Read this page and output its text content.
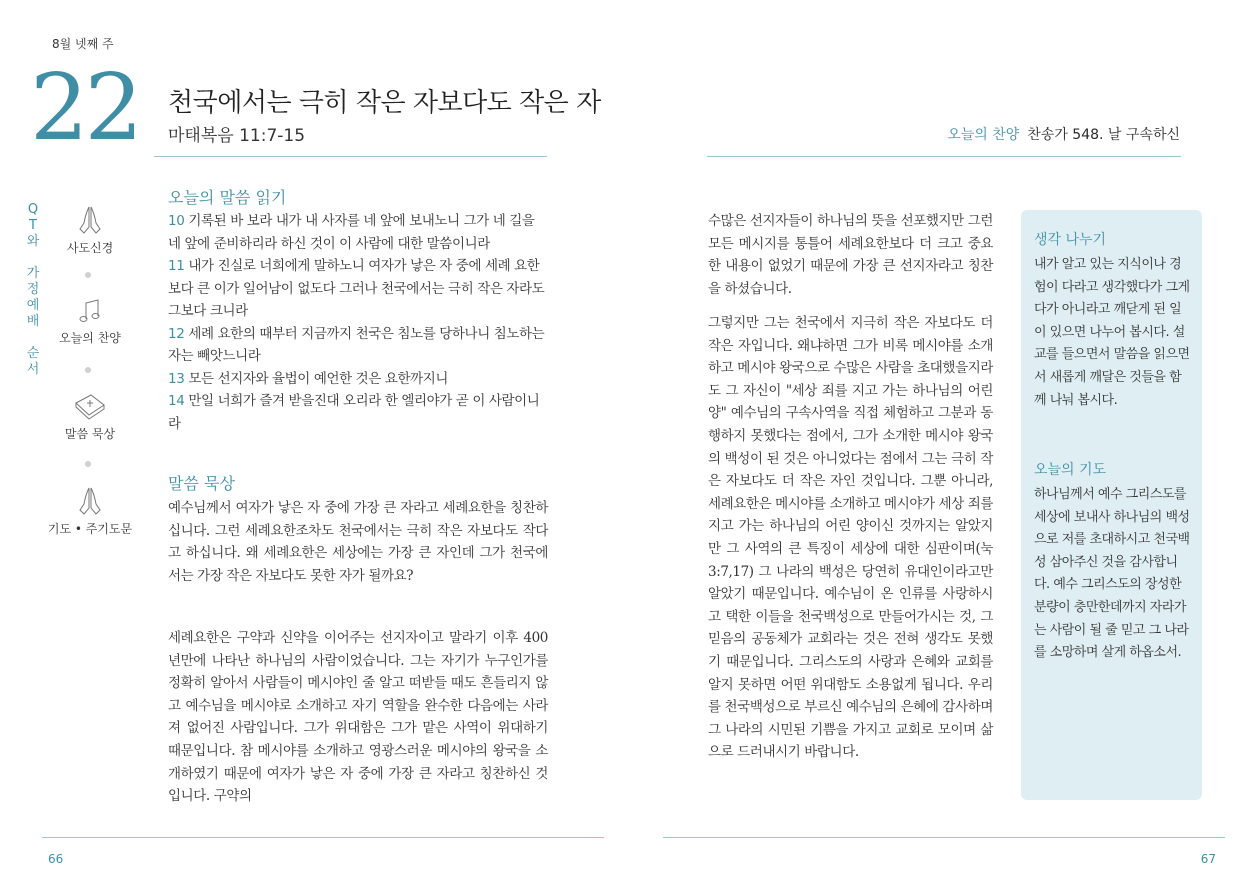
8월 넷째 주
22 천국에서는 극히 작은 자보다도 작은 자
마태복음 11:7-15	오늘의 찬양 찬송가 548. 날 구속하신
Q
T
와
가
정
예
배
순
서
사도신경
오늘의 찬양
말씀 묵상
기도 • 주기도문
오늘의 말씀 읽기
10 기록된 바 보라 내가 내 사자를 네 앞에 보내노니 그가 네 길을 네 앞에 준비하리라 하신 것이 이 사람에 대한 말씀이니라
11 내가 진실로 너희에게 말하노니 여자가 낳은 자 중에 세례 요한보다 큰 이가 일어남이 없도다 그러나 천국에서는 극히 작은 자라도 그보다 크니라
12 세례 요한의 때부터 지금까지 천국은 침노를 당하나니 침노하는 자는 빼앗느니라
13 모든 선지자와 율법이 예언한 것은 요한까지니
14 만일 너희가 즐겨 받을진대 오리라 한 엘리야가 곧 이 사람이니라
말씀 묵상

예수님께서 여자가 낳은 자 중에 가장 큰 자라고 세례요한을 칭찬하십니다. 그런 세례요한조차도 천국에서는 극히 작은 자보다도 작다고 하십니다. 왜 세례요한은 세상에는 가장 큰 자인데 그가 천국에서는 가장 작은 자보다도 못한 자가 될까요?

세례요한은 구약과 신약을 이어주는 선지자이고 말라기 이후 400년만에 나타난 하나님의 사람이었습니다. 그는 자기가 누구인가를 정확히 알아서 사람들이 메시야인 줄 알고 떠받들 때도 흔들리지 않고 예수님을 메시야로 소개하고 자기 역할을 완수한 다음에는 사라져 없어진 사람입니다. 그가 위대함은 그가 맡은 사역이 위대하기 때문입니다. 참 메시야를 소개하고 영광스러운 메시야의 왕국을 소개하였기 때문에 여자가 낳은 자 중에 가장 큰 자라고 칭찬하신 것입니다. 구약의

수많은 선지자들이 하나님의 뜻을 선포했지만 그런 모든 메시지를 통틀어 세례요한보다 더 크고 중요한 내용이 없었기 때문에 가장 큰 선지자라고 칭찬을 하셨습니다.

그렇지만 그는 천국에서 지극히 작은 자보다도 더 작은 자입니다. 왜냐하면 그가 비록 메시야를 소개하고 메시야 왕국으로 수많은 사람을 초대했을지라도 그 자신이 "세상 죄를 지고 가는 하나님의 어린 양" 예수님의 구속사역을 직접 체험하고 그분과 동행하지 못했다는 점에서, 그가 소개한 메시야 왕국의 백성이 된 것은 아니었다는 점에서 그는 극히 작은 자보다도 더 작은 자인 것입니다. 그뿐 아니라, 세례요한은 메시야를 소개하고 메시야가 세상 죄를 지고 가는 하나님의 어린 양이신 것까지는 알았지만 그 사역의 큰 특징이 세상에 대한 심판이며(눅3:7,17) 그 나라의 백성은 당연히 유대인이라고만 알았기 때문입니다. 예수님이 온 인류를 사랑하시고 택한 이들을 천국백성으로 만들어가시는 것, 그 믿음의 공동체가 교회라는 것은 전혀 생각도 못했기 때문입니다. 그리스도의 사랑과 은혜와 교회를 알지 못하면 어떤 위대함도 소용없게 됩니다. 우리를 천국백성으로 부르신 예수님의 은혜에 감사하며 그 나라의 시민된 기쁨을 가지고 교회로 모이며 삶으로 드러내시기 바랍니다.

생각 나누기

내가 알고 있는 지식이나 경험이 다라고 생각했다가 그게 다가 아니라고 깨닫게 된 일이 있으면 나누어 봅시다. 설교를 들으면서 말씀을 읽으면서 새롭게 깨달은 것들을 함께 나눠 봅시다.

오늘의 기도

하나님께서 예수 그리스도를 세상에 보내사 하나님의 백성으로 저를 초대하시고 천국백성 삼아주신 것을 감사합니다. 예수 그리스도의 장성한 분량이 충만한데까지 자라가는 사람이 될 줄 믿고 그 나라를 소망하며 살게 하옵소서.

66	67
